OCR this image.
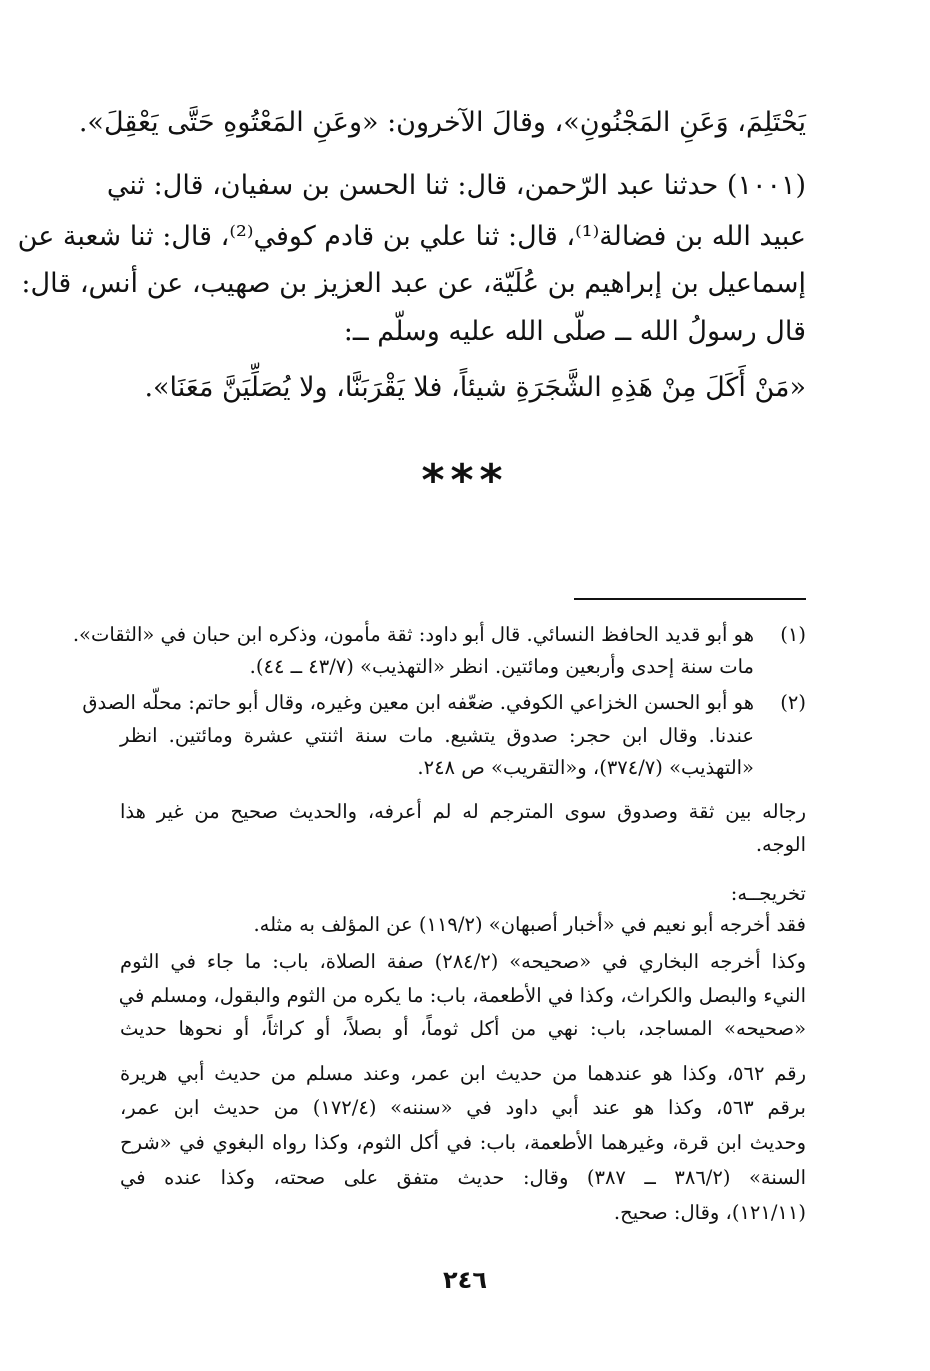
يَحْتَلِمَ، وَعَنِ المَجْنُونِ»، وقالَ الآخرون: «وعَنِ المَعْتُوهِ حَتَّى يَعْقِلَ».
(١٠٠١) حدثنا عبد الرّحمن، قال: ثنا الحسن بن سفيان، قال: ثني
عبيد الله بن فضالة⁽¹⁾، قال: ثنا علي بن قادم كوفي⁽²⁾، قال: ثنا شعبة عن
إسماعيل بن إبراهيم بن عُلَيّة، عن عبد العزيز بن صهيب، عن أنس، قال:
قال رسولُ الله ــ صلّى الله عليه وسلّم ــ:
«مَنْ أَكَلَ مِنْ هَذِهِ الشَّجَرَةِ شيئاً، فلا يَقْرَبَنَّا، ولا يُصَلِّيَنَّ مَعَنَا».
***
(١)
هو أبو قديد الحافظ النسائي. قال أبو داود: ثقة مأمون، وذكره ابن حبان في «الثقات».
مات سنة إحدى وأربعين ومائتين. انظر «التهذيب» (٤٣/٧ ــ ٤٤).
(٢)
هو أبو الحسن الخزاعي الكوفي. ضعّفه ابن معين وغيره، وقال أبو حاتم: محلّه الصدق
عندنا. وقال ابن حجر: صدوق يتشيع. مات سنة اثنتي عشرة ومائتين. انظر
«التهذيب» (٣٧٤/٧)، و«التقريب» ص ٢٤٨.
رجاله بين ثقة وصدوق سوى المترجم له لم أعرفه، والحديث صحيح من غير هذا
الوجه.
تخريجــه:
فقد أخرجه أبو نعيم في «أخبار أصبهان» (١١٩/٢) عن المؤلف به مثله.
وكذا أخرجه البخاري في «صحيحه» (٢٨٤/٢) صفة الصلاة، باب: ما جاء في الثوم
النيء والبصل والكراث، وكذا في الأطعمة، باب: ما يكره من الثوم والبقول، ومسلم في
«صحيحه» المساجد، باب: نهي من أكل ثوماً، أو بصلاً، أو كراثاً، أو نحوها حديث
رقم ٥٦٢، وكذا هو عندهما من حديث ابن عمر، وعند مسلم من حديث أبي هريرة
برقم ٥٦٣، وكذا هو عند أبي داود في «سننه» (١٧٢/٤) من حديث ابن عمر،
وحديث ابن قرة، وغيرهما الأطعمة، باب: في أكل الثوم، وكذا رواه البغوي في «شرح
السنة» (٣٨٦/٢ ــ ٣٨٧) وقال: حديث متفق على صحته، وكذا عنده في
(١٢١/١١)، وقال: صحيح.
٢٤٦
